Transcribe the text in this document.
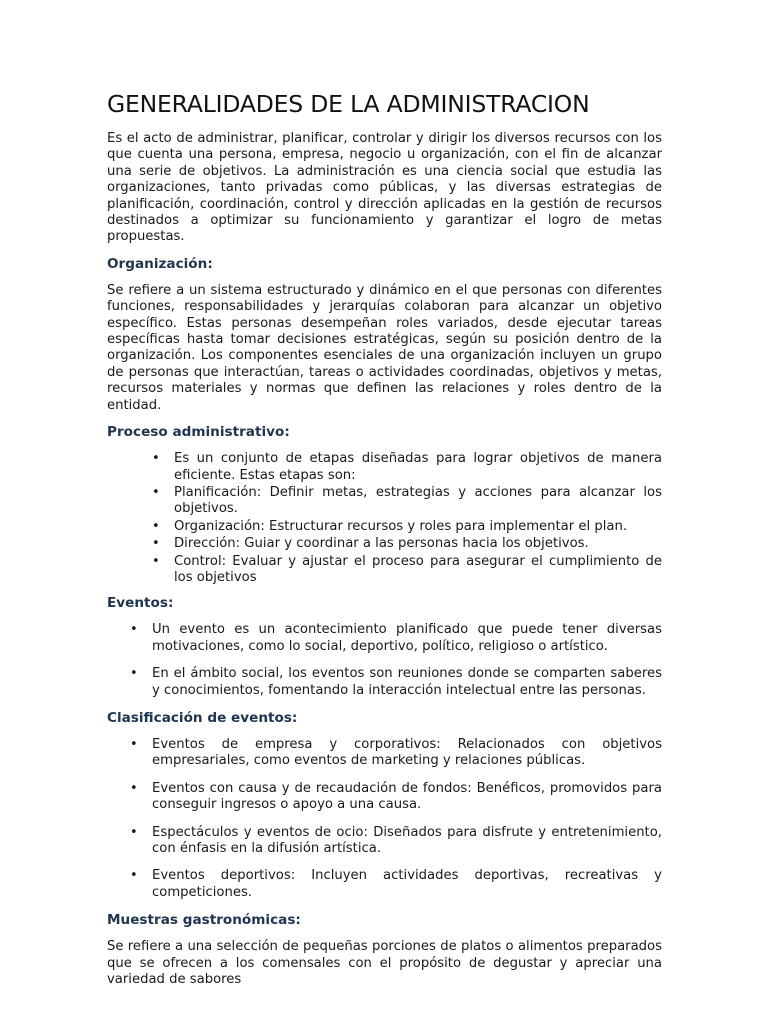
GENERALIDADES DE LA ADMINISTRACION

Es el acto de administrar, planificar, controlar y dirigir los diversos recursos con los que cuenta una persona, empresa, negocio u organización, con el fin de alcanzar una serie de objetivos. La administración es una ciencia social que estudia las organizaciones, tanto privadas como públicas, y las diversas estrategias de planificación, coordinación, control y dirección aplicadas en la gestión de recursos destinados a optimizar su funcionamiento y garantizar el logro de metas propuestas.

Organización:

Se refiere a un sistema estructurado y dinámico en el que personas con diferentes funciones, responsabilidades y jerarquías colaboran para alcanzar un objetivo específico. Estas personas desempeñan roles variados, desde ejecutar tareas específicas hasta tomar decisiones estratégicas, según su posición dentro de la organización. Los componentes esenciales de una organización incluyen un grupo de personas que interactúan, tareas o actividades coordinadas, objetivos y metas, recursos materiales y normas que definen las relaciones y roles dentro de la entidad.

Proceso administrativo:
• Es un conjunto de etapas diseñadas para lograr objetivos de manera eficiente. Estas etapas son:
• Planificación: Definir metas, estrategias y acciones para alcanzar los objetivos.
• Organización: Estructurar recursos y roles para implementar el plan.
• Dirección: Guiar y coordinar a las personas hacia los objetivos.
• Control: Evaluar y ajustar el proceso para asegurar el cumplimiento de los objetivos
Eventos:
• Un evento es un acontecimiento planificado que puede tener diversas motivaciones, como lo social, deportivo, político, religioso o artístico.
• En el ámbito social, los eventos son reuniones donde se comparten saberes y conocimientos, fomentando la interacción intelectual entre las personas.
Clasificación de eventos:
• Eventos de empresa y corporativos: Relacionados con objetivos empresariales, como eventos de marketing y relaciones públicas.
• Eventos con causa y de recaudación de fondos: Benéficos, promovidos para conseguir ingresos o apoyo a una causa.
• Espectáculos y eventos de ocio: Diseñados para disfrute y entretenimiento, con énfasis en la difusión artística.
• Eventos deportivos: Incluyen actividades deportivas, recreativas y competiciones.
Muestras gastronómicas:

Se refiere a una selección de pequeñas porciones de platos o alimentos preparados que se ofrecen a los comensales con el propósito de degustar y apreciar una variedad de sabores
